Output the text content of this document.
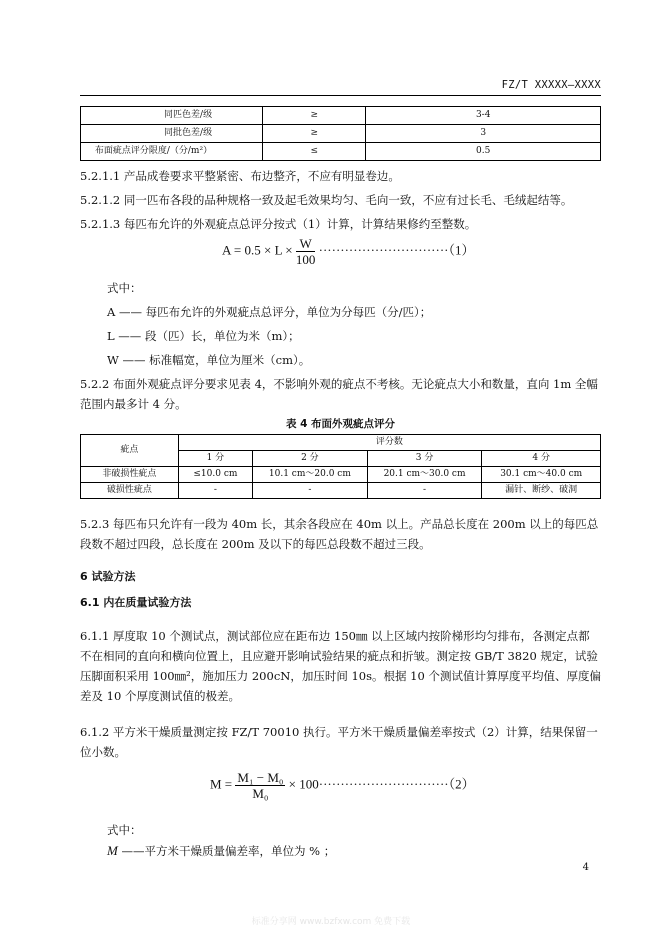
FZ/T XXXXX—XXXX
同匹色差/级	≥	3-4
同批色差/级	≥	3
布面疵点评分限度/（分/m²）	≤	0.5
5.2.1.1 产品成卷要求平整紧密、布边整齐，不应有明显卷边。
5.2.1.2 同一匹布各段的品种规格一致及起毛效果均匀、毛向一致，不应有过长毛、毛绒起结等。
5.2.1.3 每匹布允许的外观疵点总评分按式（1）计算，计算结果修约至整数。
$A = 0.5 \times L \times \frac{W}{100} \cdot\cdot\cdot\cdot\cdot\cdot\cdot\cdot\cdot\cdot\cdot\cdot\cdot\cdot\cdot\cdot\cdot\cdot\cdot\cdot\cdot\cdot\cdot\cdot\cdot\cdot\cdot\cdot\cdot\cdot(1)$
式中：
A —— 每匹布允许的外观疵点总评分，单位为分每匹（分/匹）；
L —— 段（匹）长，单位为米（m）；
W —— 标准幅宽，单位为厘米（cm）。
5.2.2 布面外观疵点评分要求见表 4，不影响外观的疵点不考核。无论疵点大小和数量，直向 1m 全幅范围内最多计 4 分。
表 4 布面外观疵点评分
疵点	评分数			
	1 分	2 分	3 分	4 分
非破损性疵点	≤10.0 cm	10.1 cm～20.0 cm	20.1 cm～30.0 cm	30.1 cm～40.0 cm
破损性疵点	-	-	-	漏针、断纱、破洞
5.2.3 每匹布只允许有一段为 40m 长，其余各段应在 40m 以上。产品总长度在 200m 以上的每匹总段数不超过四段，总长度在 200m 及以下的每匹总段数不超过三段。
6 试验方法
6.1 内在质量试验方法
6.1.1 厚度取 10 个测试点，测试部位应在距布边 150㎜ 以上区域内按阶梯形均匀排布，各测定点都不在相同的直向和横向位置上，且应避开影响试验结果的疵点和折皱。测定按 GB/T 3820 规定，试验压脚面积采用 100㎜²，施加压力 200cN，加压时间 10s。根据 10 个测试值计算厚度平均值、厚度偏差及 10 个厚度测试值的极差。
6.1.2 平方米干燥质量测定按 FZ/T 70010 执行。平方米干燥质量偏差率按式（2）计算，结果保留一位小数。
$M = \frac{\text{M₁ − M₀}}{\text{M₀}} \times 100\cdot\cdot\cdot\cdot\cdot\cdot\cdot\cdot\cdot\cdot\cdot\cdot\cdot\cdot\cdot\cdot\cdot\cdot\cdot\cdot\cdot\cdot\cdot\cdot\cdot\cdot\cdot\cdot\cdot\cdot(2)$
式中：
M ——平方米干燥质量偏差率，单位为 % ；
4
标准分享网 www.bzfxw.com 免费下载
